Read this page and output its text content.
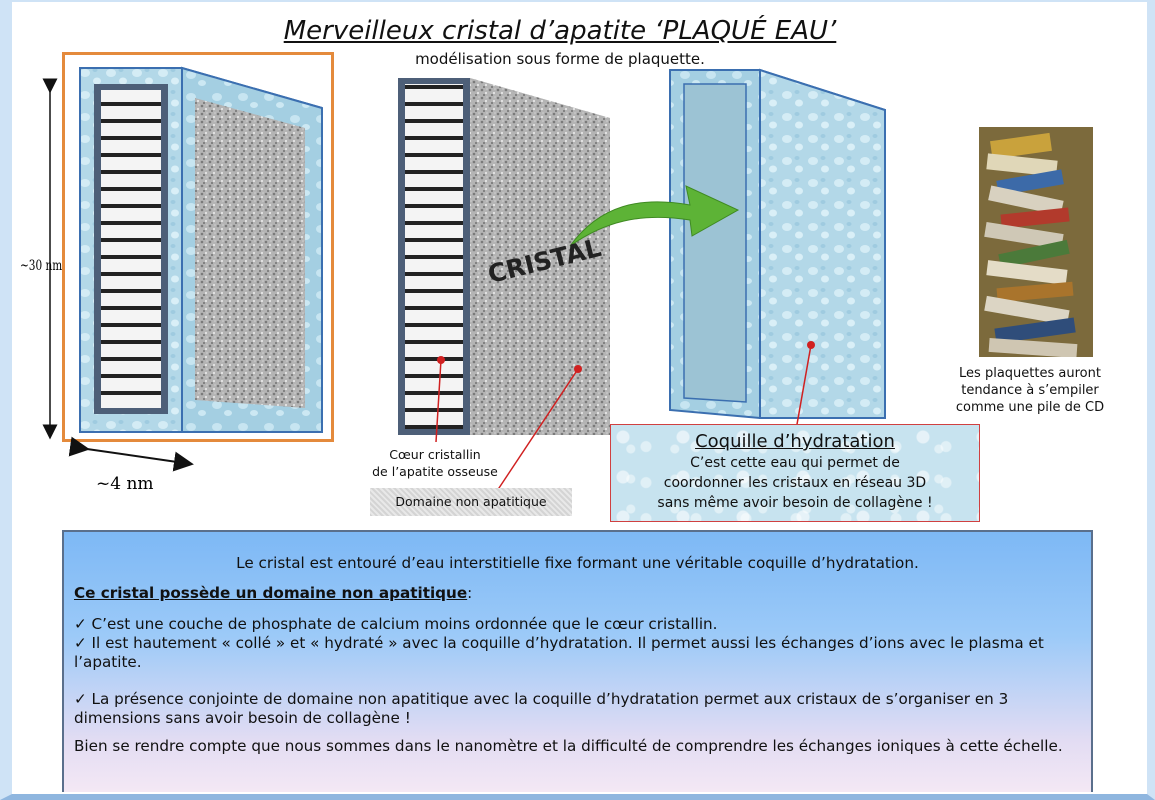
Merveilleux cristal d’apatite ‘PLAQUÉ EAU’
modélisation sous forme de plaquette.
~30 nm
~4 nm
CRISTAL
Cœur cristallin
de l’apatite osseuse
Domaine non apatitique
Coquille d’hydratation
C’est cette eau qui permet de
coordonner les cristaux en réseau 3D
sans même avoir besoin de collagène !
Les plaquettes auront
tendance à s’empiler
comme une pile de CD

Le cristal est entouré d’eau interstitielle fixe formant une véritable coquille d’hydratation.

Ce cristal possède un domaine non apatitique:

✓ C’est une couche de phosphate de calcium moins ordonnée que le cœur cristallin.

✓ Il est hautement « collé » et « hydraté » avec la coquille d’hydratation. Il permet aussi les échanges d’ions avec le plasma et l’apatite.

✓ La présence conjointe de domaine non apatitique avec la coquille d’hydratation permet aux cristaux de s’organiser en 3 dimensions sans avoir besoin de collagène !

Bien se rendre compte que nous sommes dans le nanomètre et la difficulté de comprendre les échanges ioniques à cette échelle.
